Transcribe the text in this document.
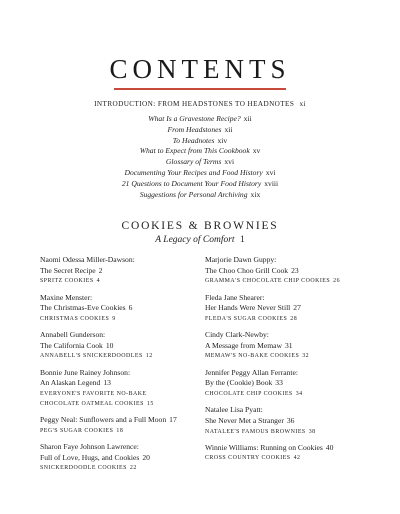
CONTENTS
INTRODUCTION: FROM HEADSTONES TO HEADNOTES xi
What Is a Gravestone Recipe? xii
From Headstones xii
To Headnotes xiv
What to Expect from This Cookbook xv
Glossary of Terms xvi
Documenting Your Recipes and Food History xvi
21 Questions to Document Your Food History xviii
Suggestions for Personal Archiving xix
COOKIES & BROWNIES
A Legacy of Comfort 1
Naomi Odessa Miller-Dawson:
The Secret Recipe 2
SPRITZ COOKIES 4
Maxine Menster:
The Christmas-Eve Cookies 6
CHRISTMAS COOKIES 9
Annabell Gunderson:
The California Cook 10
ANNABELL'S SNICKERDOODLES 12
Bonnie June Rainey Johnson:
An Alaskan Legend 13
EVERYONE'S FAVORITE NO-BAKE
CHOCOLATE OATMEAL COOKIES 15
Peggy Neal: Sunflowers and a Full Moon 17
PEG'S SUGAR COOKIES 18
Sharon Faye Johnson Lawrence:
Full of Love, Hugs, and Cookies 20
SNICKERDOODLE COOKIES 22
Marjorie Dawn Guppy:
The Choo Choo Grill Cook 23
GRAMMA'S CHOCOLATE CHIP COOKIES 26
Fleda Jane Shearer:
Her Hands Were Never Still 27
FLEDA'S SUGAR COOKIES 28
Cindy Clark-Newby:
A Message from Memaw 31
MEMAW'S NO-BAKE COOKIES 32
Jennifer Peggy Allan Ferrante:
By the (Cookie) Book 33
CHOCOLATE CHIP COOKIES 34
Natalee Lisa Pyatt:
She Never Met a Stranger 36
NATALEE'S FAMOUS BROWNIES 38
Winnie Williams: Running on Cookies 40
CROSS COUNTRY COOKIES 42
